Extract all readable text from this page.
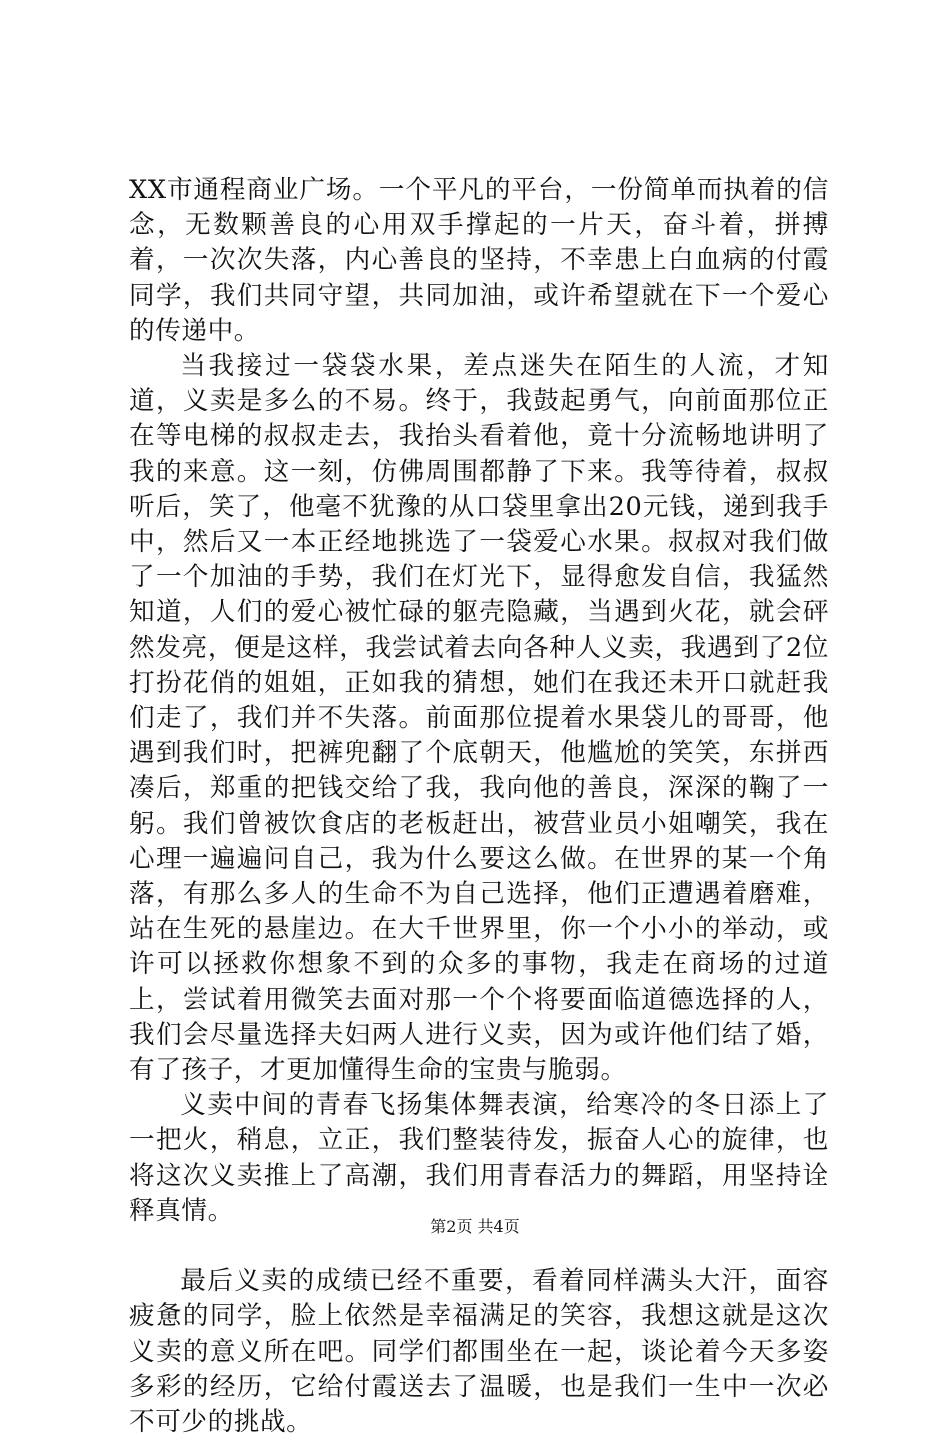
XX市通程商业广场。一个平凡的平台，一份简单而执着的信念，无数颗善良的心用双手撑起的一片天，奋斗着，拼搏着，一次次失落，内心善良的坚持，不幸患上白血病的付霞同学，我们共同守望，共同加油，或许希望就在下一个爱心的传递中。

当我接过一袋袋水果，差点迷失在陌生的人流，才知道，义卖是多么的不易。终于，我鼓起勇气，向前面那位正在等电梯的叔叔走去，我抬头看着他，竟十分流畅地讲明了我的来意。这一刻，仿佛周围都静了下来。我等待着，叔叔听后，笑了，他毫不犹豫的从口袋里拿出20元钱，递到我手中，然后又一本正经地挑选了一袋爱心水果。叔叔对我们做了一个加油的手势，我们在灯光下，显得愈发自信，我猛然知道，人们的爱心被忙碌的躯壳隐藏，当遇到火花，就会砰然发亮，便是这样，我尝试着去向各种人义卖，我遇到了2位打扮花俏的姐姐，正如我的猜想，她们在我还未开口就赶我们走了，我们并不失落。前面那位提着水果袋儿的哥哥，他遇到我们时，把裤兜翻了个底朝天，他尴尬的笑笑，东拼西凑后，郑重的把钱交给了我，我向他的善良，深深的鞠了一躬。我们曾被饮食店的老板赶出，被营业员小姐嘲笑，我在心理一遍遍问自己，我为什么要这么做。在世界的某一个角落，有那么多人的生命不为自己选择，他们正遭遇着磨难，站在生死的悬崖边。在大千世界里，你一个小小的举动，或许可以拯救你想象不到的众多的事物，我走在商场的过道上，尝试着用微笑去面对那一个个将要面临道德选择的人，我们会尽量选择夫妇两人进行义卖，因为或许他们结了婚，有了孩子，才更加懂得生命的宝贵与脆弱。

义卖中间的青春飞扬集体舞表演，给寒冷的冬日添上了一把火，稍息，立正，我们整装待发，振奋人心的旋律，也将这次义卖推上了高潮，我们用青春活力的舞蹈，用坚持诠释真情。

最后义卖的成绩已经不重要，看着同样满头大汗，面容疲惫的同学，脸上依然是幸福满足的笑容，我想这就是这次义卖的意义所在吧。同学们都围坐在一起，谈论着今天多姿多彩的经历，它给付霞送去了温暖，也是我们一生中一次必不可少的挑战。

第2页 共4页
